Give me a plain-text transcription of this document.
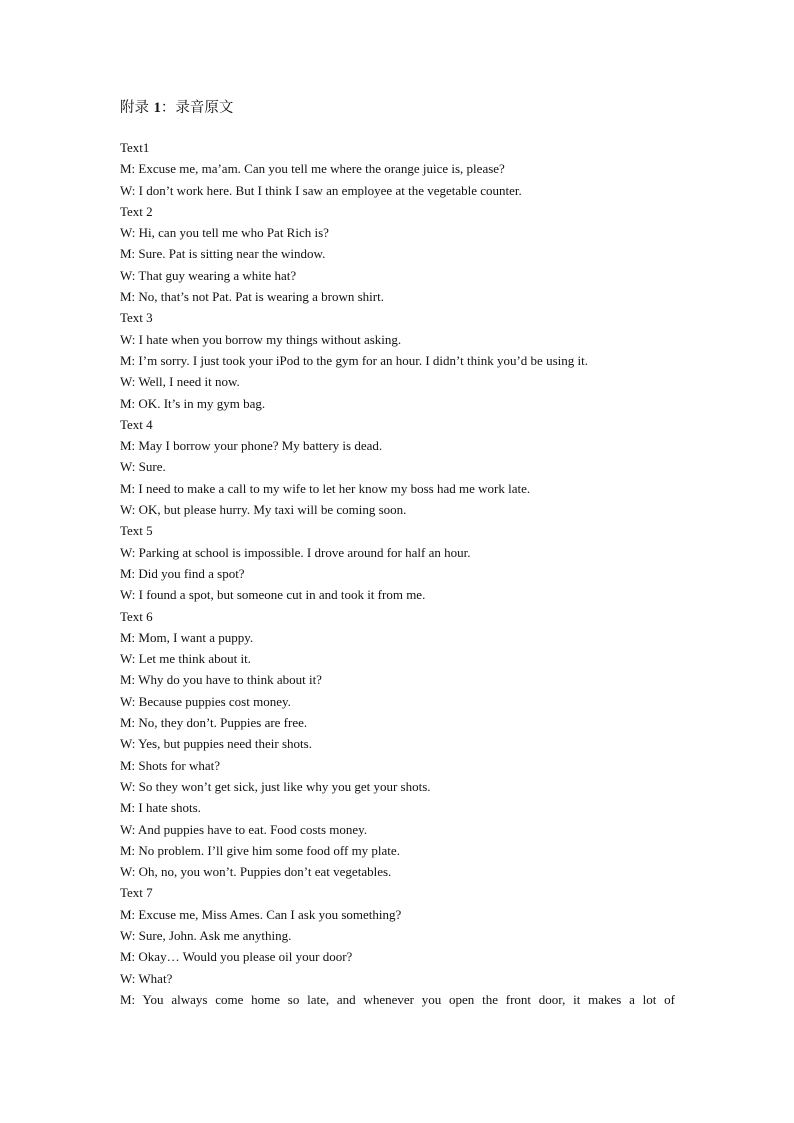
附录 1：录音原文
Text1
M: Excuse me, ma’am. Can you tell me where the orange juice is, please?
W: I don’t work here. But I think I saw an employee at the vegetable counter.
Text 2
W: Hi, can you tell me who Pat Rich is?
M: Sure. Pat is sitting near the window.
W: That guy wearing a white hat?
M: No, that’s not Pat. Pat is wearing a brown shirt.
Text 3
W: I hate when you borrow my things without asking.
M: I’m sorry. I just took your iPod to the gym for an hour. I didn’t think you’d be using it.
W: Well, I need it now.
M: OK. It’s in my gym bag.
Text 4
M: May I borrow your phone? My battery is dead.
W: Sure.
M: I need to make a call to my wife to let her know my boss had me work late.
W: OK, but please hurry. My taxi will be coming soon.
Text 5
W: Parking at school is impossible. I drove around for half an hour.
M: Did you find a spot?
W: I found a spot, but someone cut in and took it from me.
Text 6
M: Mom, I want a puppy.
W: Let me think about it.
M: Why do you have to think about it?
W: Because puppies cost money.
M: No, they don’t. Puppies are free.
W: Yes, but puppies need their shots.
M: Shots for what?
W: So they won’t get sick, just like why you get your shots.
M: I hate shots.
W: And puppies have to eat. Food costs money.
M: No problem. I’ll give him some food off my plate.
W: Oh, no, you won’t. Puppies don’t eat vegetables.
Text 7
M: Excuse me, Miss Ames. Can I ask you something?
W: Sure, John. Ask me anything.
M: Okay… Would you please oil your door?
W: What?
M: You always come home so late, and whenever you open the front door, it makes a lot of
